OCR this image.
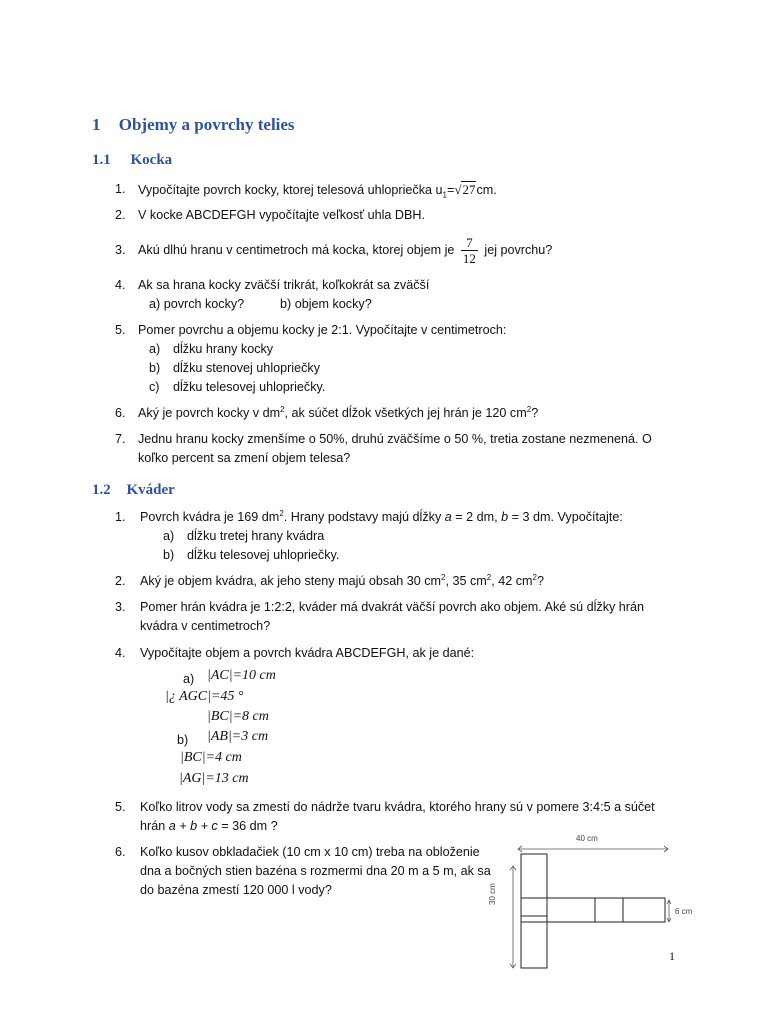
1 Objemy a povrchy telies
1.1 Kocka
1. Vypočítajte povrch kocky, ktorej telesová uhlopriečka $u_1=√27cm$.
2. V kocke ABCDEFGH vypočítajte veľkosť uhla DBH.
3. Akú dlhú hranu v centimetroch má kocka, ktorej objem je $\frac{7}{12}$ jej povrchu?
4. Ak sa hrana kocky zväčší trikrát, koľkokrát sa zväčší
a) povrch kocky?	b) objem kocky?
5. Pomer povrchu a objemu kocky je 2:1. Vypočítajte v centimetroch:
a) dĺžku hrany kocky
b) dĺžku stenovej uhlopriečky
c) dĺžku telesovej uhlopriečky.
6. Aký je povrch kocky v $dm^2$, ak súčet dĺžok všetkých jej hrán je 120 $cm^2$?
7. Jednu hranu kocky zmenšíme o 50%, druhú zväčšíme o 50 %, tretia zostane nezmenená. O
koľko percent sa zmení objem telesa?
1.2 Kváder
1. Povrch kvádra je 169 $dm^2$. Hrany podstavy majú dĺžky a = 2 dm, b = 3 dm. Vypočítajte:
a) dĺžku tretej hrany kvádra
b) dĺžku telesovej uhlopriečky.
2. Aký je objem kvádra, ak jeho steny majú obsah 30 $cm^2$, 35 $cm^2$, 42 $cm^2$?
3. Pomer hrán kvádra je 1:2:2, kváder má dvakrát väčší povrch ako objem. Aké sú dĺžky hrán
kvádra v centimetroch?
4. Vypočítajte objem a povrch kvádra ABCDEFGH, ak je dané:
a) |AC|=10 cm
|¿ AGC|=45 °
|BC|=8 cm
b) |AB|=3 cm
|BC|=4 cm
|AG|=13 cm
5. Koľko litrov vody sa zmestí do nádrže tvaru kvádra, ktorého hrany sú v pomere 3:4:5 a súčet
hrán a + b + c = 36 dm ?
6. Koľko kusov obkladačiek (10 cm x 10 cm) treba na obloženie
dna a bočných stien bazéna s rozmermi dna 20 m a 5 m, ak sa
do bazéna zmestí 120 000 l vody?
40 cm
30 cm
6 cm
1
